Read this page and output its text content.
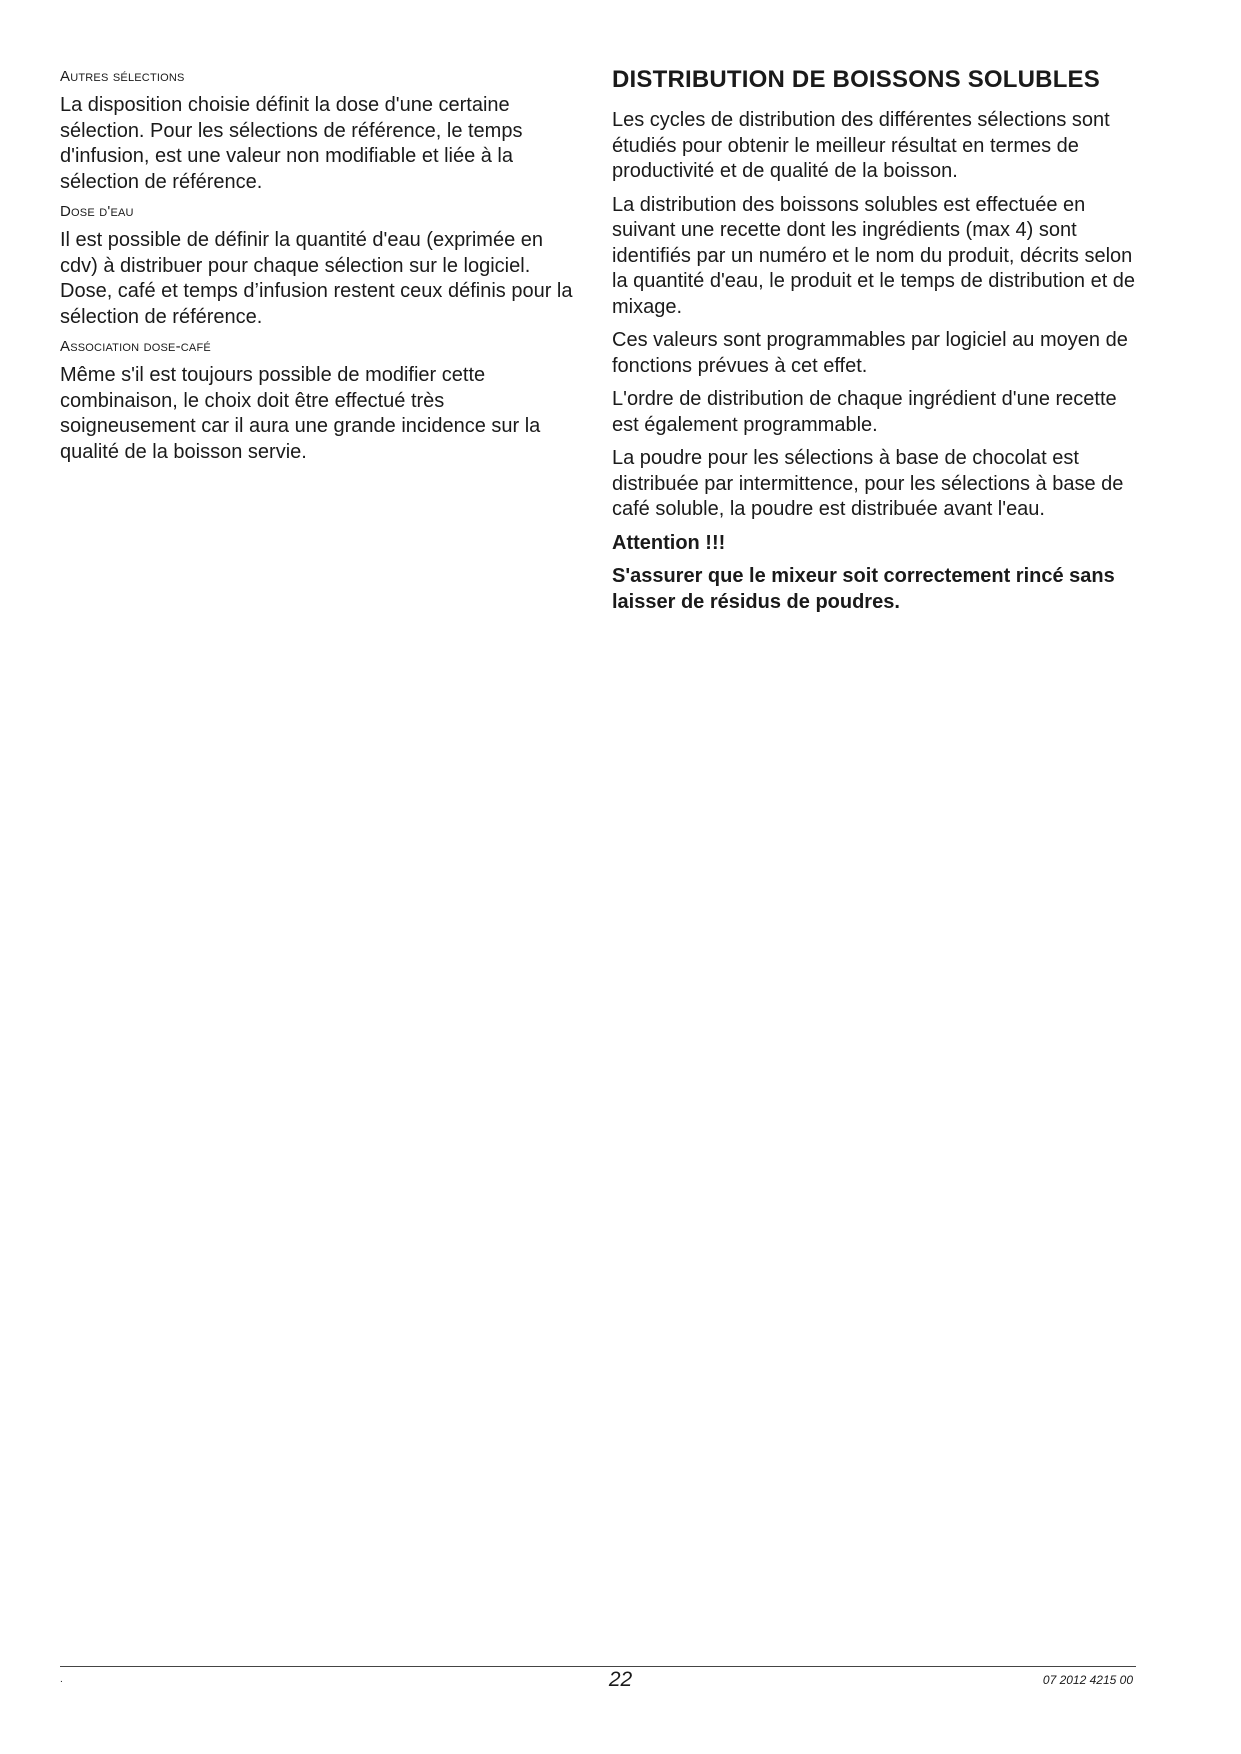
Autres sélections

La disposition choisie définit la dose d'une certaine sélection. Pour les sélections de référence, le temps d'infusion, est une valeur non modifiable et liée à la sélection de référence.

Dose d'eau

Il est possible de définir la quantité d'eau (exprimée en cdv) à distribuer pour chaque sélection sur le logiciel. Dose, café et temps d’infusion restent ceux définis pour la sélection de référence.

Association dose-café

Même s'il est toujours possible de modifier cette combinaison, le choix doit être effectué très soigneusement car il aura une grande incidence sur la qualité de la boisson servie.

DISTRIBUTION DE BOISSONS SOLUBLES

Les cycles de distribution des différentes sélections sont étudiés pour obtenir le meilleur résultat en termes de productivité et de qualité de la boisson.

La distribution des boissons solubles est effectuée en suivant une recette dont les ingrédients (max 4) sont identifiés par un numéro et le nom du produit, décrits selon la quantité d'eau, le produit et le temps de distribution et de mixage.

Ces valeurs sont programmables par logiciel au moyen de fonctions prévues à cet effet.

L'ordre de distribution de chaque ingrédient d'une recette est également programmable.

La poudre pour les sélections à base de chocolat est distribuée par intermittence, pour les sélections à base de café soluble, la poudre est distribuée avant l'eau.

Attention !!!

S'assurer que le mixeur soit correctement rincé sans laisser de résidus de poudres.

.	22	07 2012 4215 00
